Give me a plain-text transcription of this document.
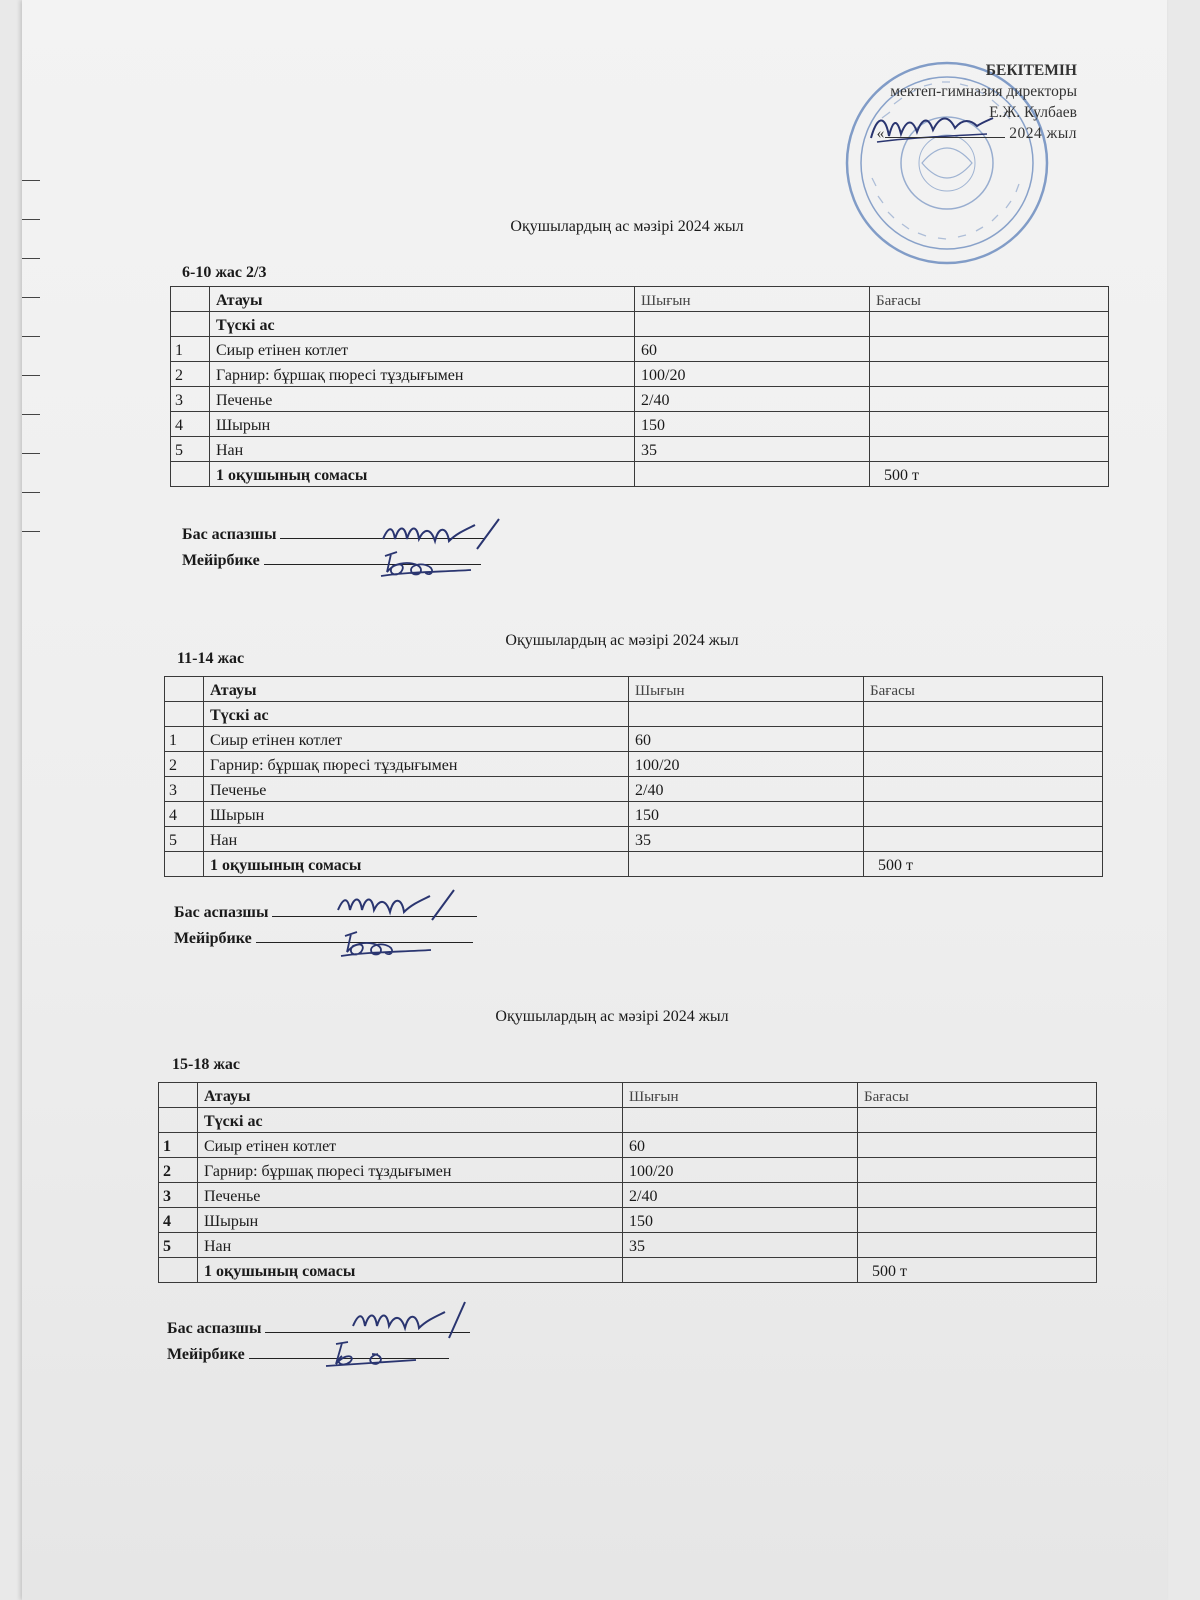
БЕКІТЕМІН
мектеп-гимназия директоры
Е.Ж. Кулбаев
«	2024 жыл
Оқушылардың ас мәзірі 2024 жыл
6-10 жас 2/3
	Атауы	Шығын	Бағасы
	Түскі ас		
1	Сиыр етінен котлет	60	
2	Гарнир: бұршақ пюресі тұздығымен	100/20	
3	Печенье	2/40	
4	Шырын	150	
5	Нан	35	
	1 оқушының сомасы		500 т
Бас аспазшы
Мейірбике
Оқушылардың ас мәзірі 2024 жыл
11-14 жас
	Атауы	Шығын	Бағасы
	Түскі ас		
1	Сиыр етінен котлет	60	
2	Гарнир: бұршақ пюресі тұздығымен	100/20	
3	Печенье	2/40	
4	Шырын	150	
5	Нан	35	
	1 оқушының сомасы		500 т
Бас аспазшы
Мейірбике
Оқушылардың ас мәзірі 2024 жыл
15-18 жас
	Атауы	Шығын	Бағасы
	Түскі ас		
1	Сиыр етінен котлет	60	
2	Гарнир: бұршақ пюресі тұздығымен	100/20	
3	Печенье	2/40	
4	Шырын	150	
5	Нан	35	
	1 оқушының сомасы		500 т
Бас аспазшы
Мейірбике
